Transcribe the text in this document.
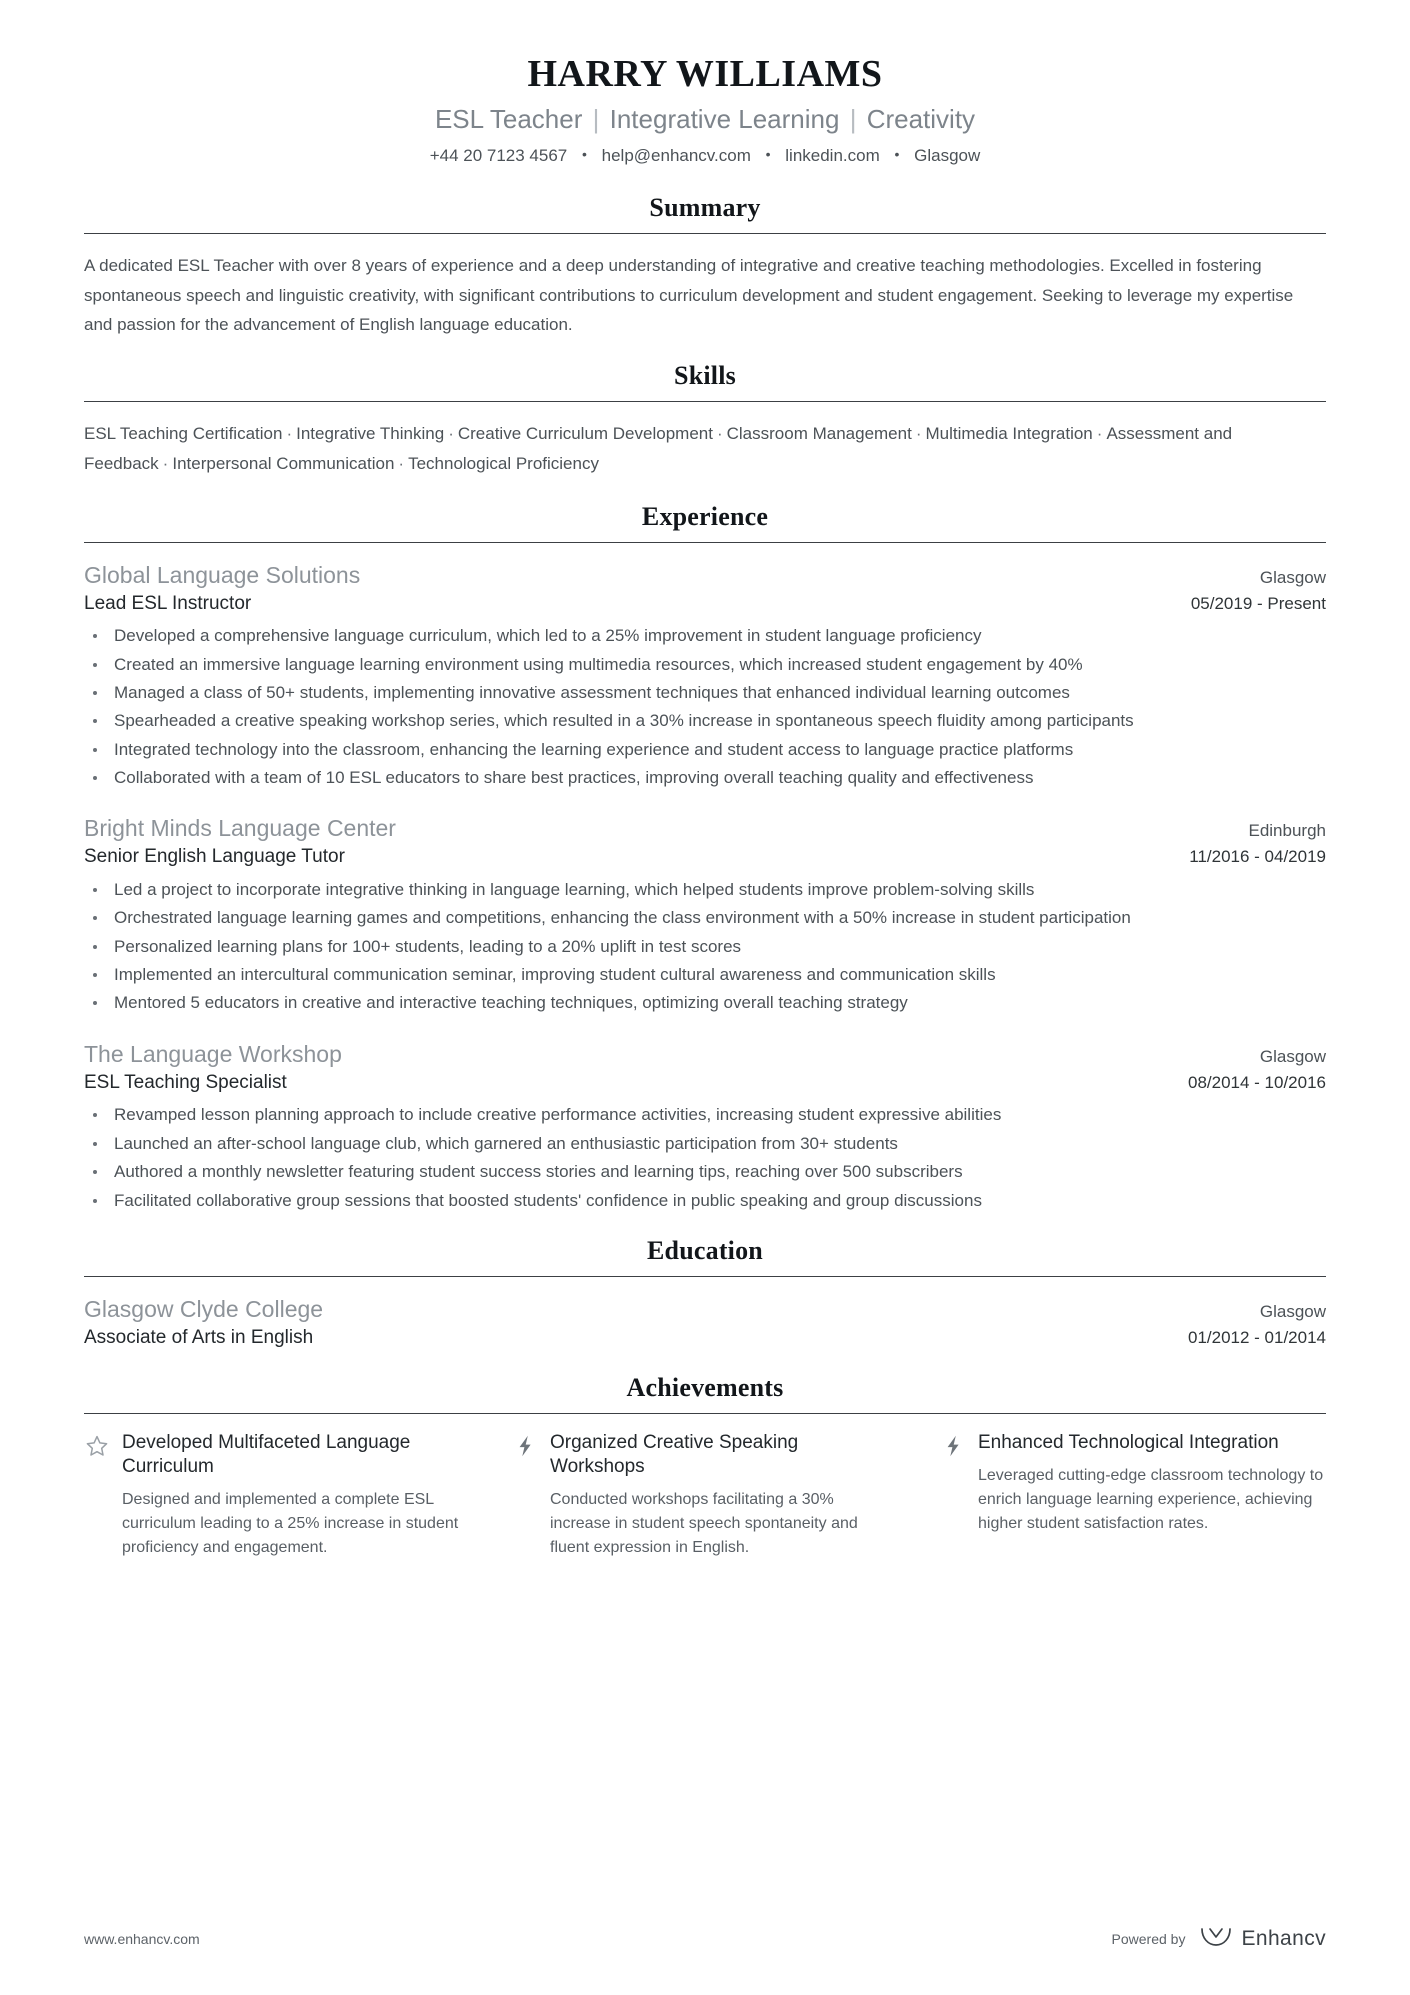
HARRY WILLIAMS
ESL Teacher | Integrative Learning | Creativity
+44 20 7123 4567 • help@enhancv.com • linkedin.com • Glasgow
Summary

A dedicated ESL Teacher with over 8 years of experience and a deep understanding of integrative and creative teaching methodologies. Excelled in fostering spontaneous speech and linguistic creativity, with significant contributions to curriculum development and student engagement. Seeking to leverage my expertise and passion for the advancement of English language education.

Skills

ESL Teaching Certification · Integrative Thinking · Creative Curriculum Development · Classroom Management · Multimedia Integration · Assessment and Feedback · Interpersonal Communication · Technological Proficiency

Experience
Global Language Solutions	Glasgow
Lead ESL Instructor	05/2019 - Present
Developed a comprehensive language curriculum, which led to a 25% improvement in student language proficiency
Created an immersive language learning environment using multimedia resources, which increased student engagement by 40%
Managed a class of 50+ students, implementing innovative assessment techniques that enhanced individual learning outcomes
Spearheaded a creative speaking workshop series, which resulted in a 30% increase in spontaneous speech fluidity among participants
Integrated technology into the classroom, enhancing the learning experience and student access to language practice platforms
Collaborated with a team of 10 ESL educators to share best practices, improving overall teaching quality and effectiveness
Bright Minds Language Center	Edinburgh
Senior English Language Tutor	11/2016 - 04/2019
Led a project to incorporate integrative thinking in language learning, which helped students improve problem-solving skills
Orchestrated language learning games and competitions, enhancing the class environment with a 50% increase in student participation
Personalized learning plans for 100+ students, leading to a 20% uplift in test scores
Implemented an intercultural communication seminar, improving student cultural awareness and communication skills
Mentored 5 educators in creative and interactive teaching techniques, optimizing overall teaching strategy
The Language Workshop	Glasgow
ESL Teaching Specialist	08/2014 - 10/2016
Revamped lesson planning approach to include creative performance activities, increasing student expressive abilities
Launched an after-school language club, which garnered an enthusiastic participation from 30+ students
Authored a monthly newsletter featuring student success stories and learning tips, reaching over 500 subscribers
Facilitated collaborative group sessions that boosted students' confidence in public speaking and group discussions
Education
Glasgow Clyde College	Glasgow
Associate of Arts in English	01/2012 - 01/2014
Achievements
Developed Multifaceted Language Curriculum

Designed and implemented a complete ESL curriculum leading to a 25% increase in student proficiency and engagement.

Organized Creative Speaking Workshops

Conducted workshops facilitating a 30% increase in student speech spontaneity and fluent expression in English.

Enhanced Technological Integration

Leveraged cutting-edge classroom technology to enrich language learning experience, achieving higher student satisfaction rates.

www.enhancv.com	Powered by	Enhancv
